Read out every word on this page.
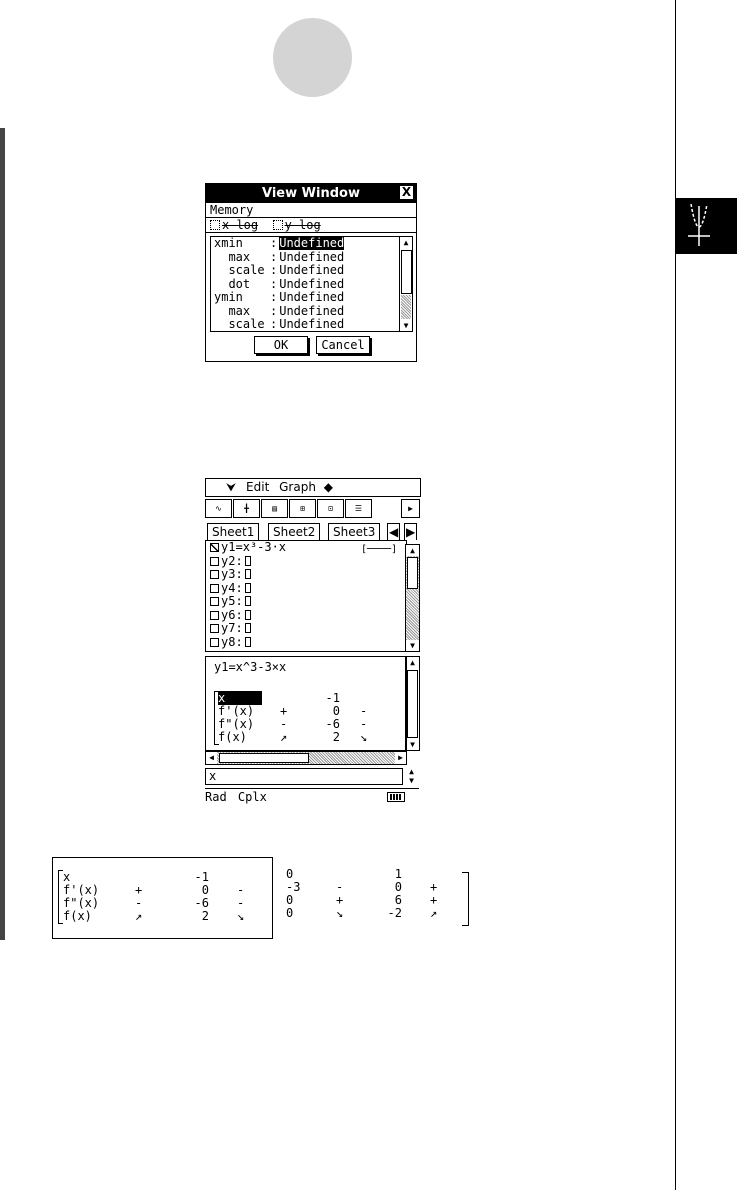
View Window	X
Memory
x-log y-log
xmin : Undefined
max : Undefined
scale : Undefined
dot : Undefined
ymin : Undefined
max : Undefined
scale : Undefined
▲
▼
OK	Cancel
⮟ Edit Graph ◆
∿	╋	▤	⊞	⊡	☰	▶
Sheet1	Sheet2	Sheet3	◀ ▶
y1=x³-3·x
y2:
y3:
y4:
y5:
y6:
y7:
y8:
[────]	▲
▼
y1=x^3-3×x
x	-1
f'(x) +	0 -
f"(x) -	-6 -
f(x)	↗	2 ↘
▲
▼
◀	▶
x	▲
▼
Rad Cplx
x	-1
f'(x)	+	0 -
f"(x)	-	-6 -
f(x)	↗	2 ↘
0	1
-3	-	0 +
0	+	6 +
0	↘	-2 ↗
